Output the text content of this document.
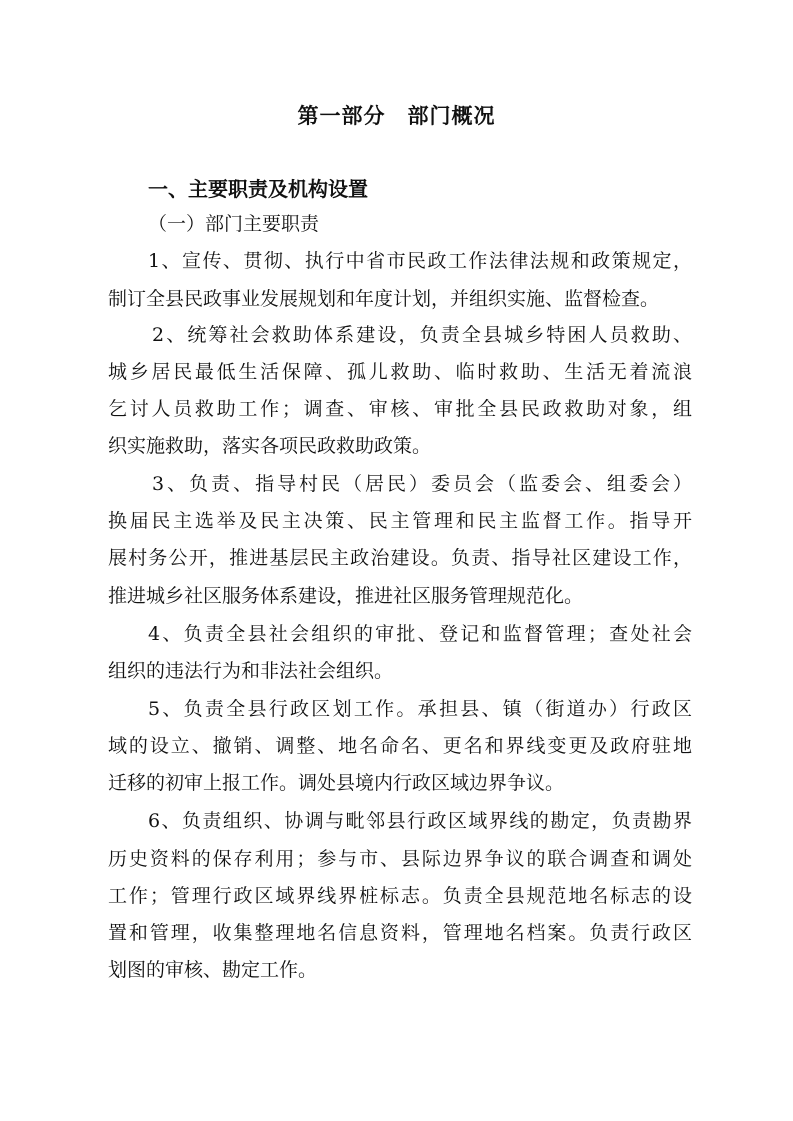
第一部分　部门概况
一、主要职责及机构设置
（一）部门主要职责
1、宣传、贯彻、执行中省市民政工作法律法规和政策规定，
制订全县民政事业发展规划和年度计划，并组织实施、监督检查。
2、统筹社会救助体系建设，负责全县城乡特困人员救助、
城乡居民最低生活保障、孤儿救助、临时救助、生活无着流浪
乞讨人员救助工作；调查、审核、审批全县民政救助对象，组
织实施救助，落实各项民政救助政策。
3、负责、指导村民（居民）委员会（监委会、组委会）
换届民主选举及民主决策、民主管理和民主监督工作。指导开
展村务公开，推进基层民主政治建设。负责、指导社区建设工作，
推进城乡社区服务体系建设，推进社区服务管理规范化。
4、负责全县社会组织的审批、登记和监督管理；查处社会
组织的违法行为和非法社会组织。
5、负责全县行政区划工作。承担县、镇（街道办）行政区
域的设立、撤销、调整、地名命名、更名和界线变更及政府驻地
迁移的初审上报工作。调处县境内行政区域边界争议。
6、负责组织、协调与毗邻县行政区域界线的勘定，负责勘界
历史资料的保存利用；参与市、县际边界争议的联合调查和调处
工作；管理行政区域界线界桩标志。负责全县规范地名标志的设
置和管理，收集整理地名信息资料，管理地名档案。负责行政区
划图的审核、勘定工作。
